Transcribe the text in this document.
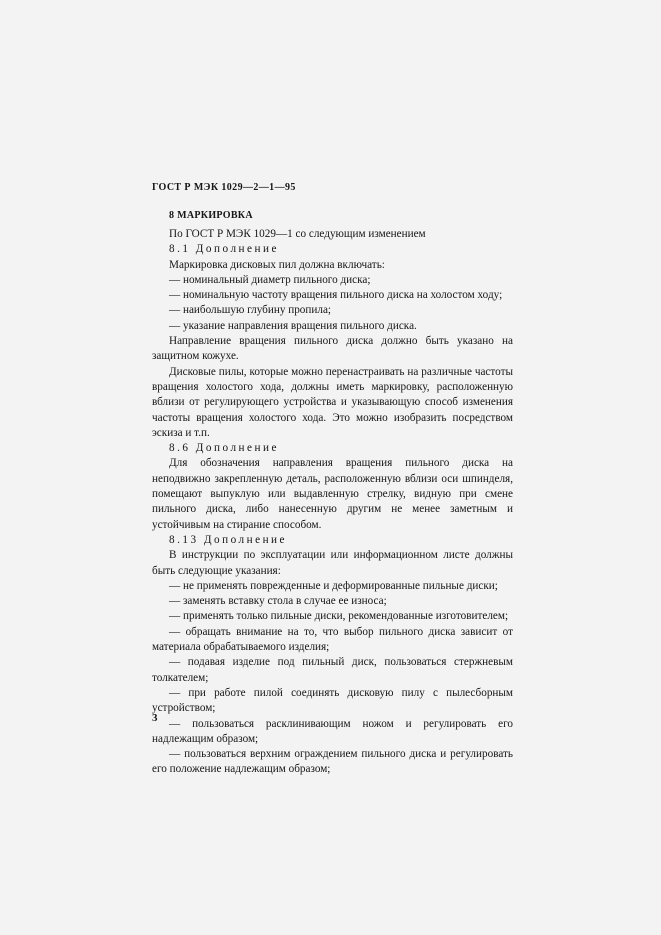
ГОСТ Р МЭК 1029—2—1—95
8 МАРКИРОВКА

По ГОСТ Р МЭК 1029—1 со следующим изменением

8.1 Дополнение

Маркировка дисковых пил должна включать:

— номинальный диаметр пильного диска;

— номинальную частоту вращения пильного диска на холостом ходу;

— наибольшую глубину пропила;

— указание направления вращения пильного диска.

Направление вращения пильного диска должно быть указано на защитном кожухе.

Дисковые пилы, которые можно перенастраивать на различные частоты вращения холостого хода, должны иметь маркировку, расположенную вблизи от регулирующего устройства и указывающую способ изменения частоты вращения холостого хода. Это можно изобразить посредством эскиза и т.п.

8.6 Дополнение

Для обозначения направления вращения пильного диска на неподвижно закрепленную деталь, расположенную вблизи оси шпинделя, помещают выпуклую или выдавленную стрелку, видную при смене пильного диска, либо нанесенную другим не менее заметным и устойчивым на стирание способом.

8.13 Дополнение

В инструкции по эксплуатации или информационном листе должны быть следующие указания:

— не применять поврежденные и деформированные пильные диски;

— заменять вставку стола в случае ее износа;

— применять только пильные диски, рекомендованные изготовителем;

— обращать внимание на то, что выбор пильного диска зависит от материала обрабатываемого изделия;

— подавая изделие под пильный диск, пользоваться стержневым толкателем;

— при работе пилой соединять дисковую пилу с пылесборным устройством;

— пользоваться расклинивающим ножом и регулировать его надлежащим образом;

— пользоваться верхним ограждением пильного диска и регулировать его положение надлежащим образом;

3
